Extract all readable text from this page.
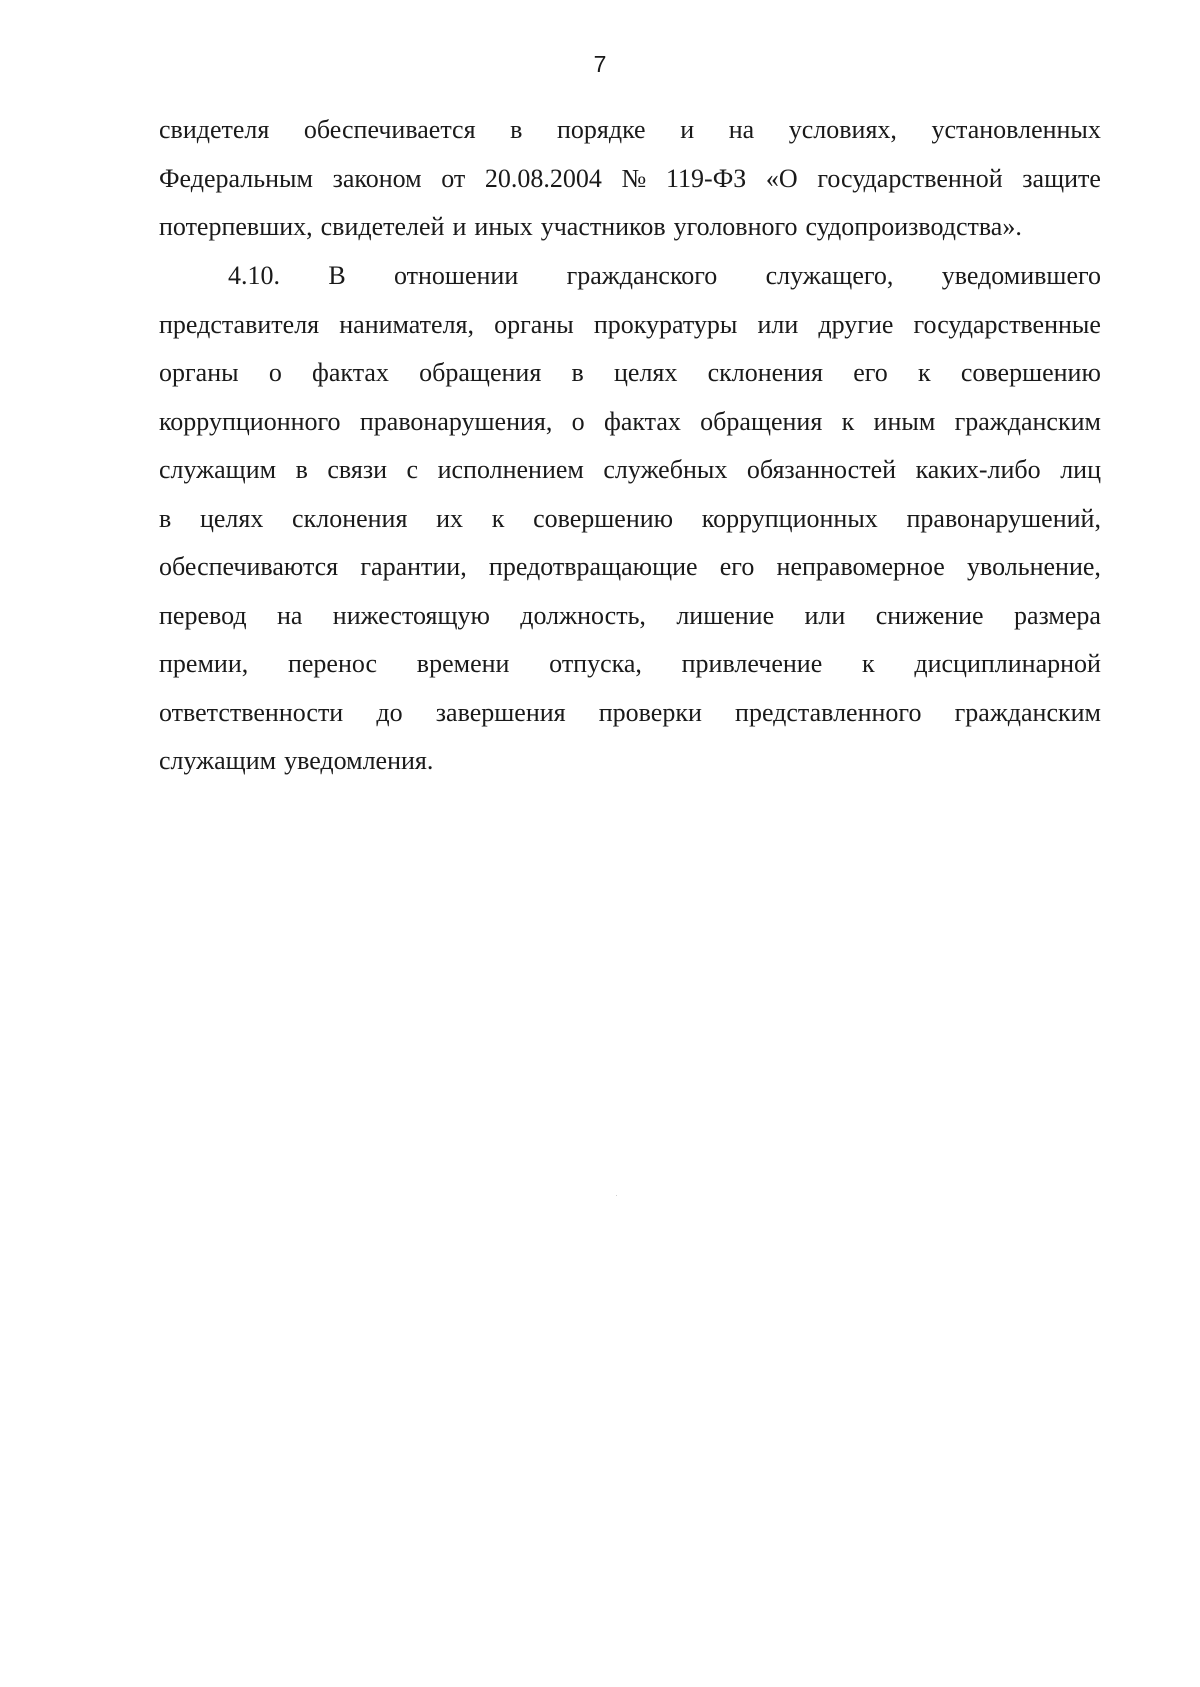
7
свидетеля обеспечивается в порядке и на условиях, установленных
Федеральным законом от 20.08.2004 № 119-ФЗ «О государственной защите
потерпевших, свидетелей и иных участников уголовного судопроизводства».
4.10. В отношении гражданского служащего, уведомившего
представителя нанимателя, органы прокуратуры или другие государственные
органы о фактах обращения в целях склонения его к совершению
коррупционного правонарушения, о фактах обращения к иным гражданским
служащим в связи с исполнением служебных обязанностей каких-либо лиц
в целях склонения их к совершению коррупционных правонарушений,
обеспечиваются гарантии, предотвращающие его неправомерное увольнение,
перевод на нижестоящую должность, лишение или снижение размера
премии, перенос времени отпуска, привлечение к дисциплинарной
ответственности до завершения проверки представленного гражданским
служащим уведомления.
